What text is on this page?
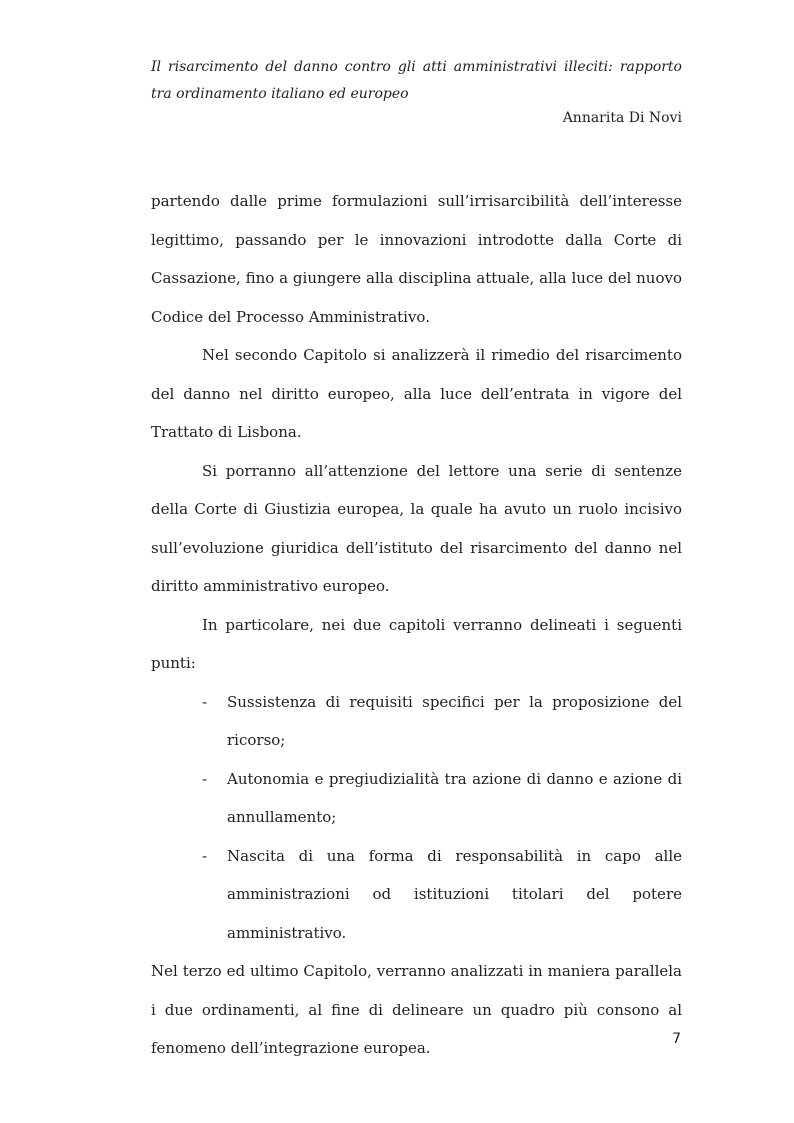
Il risarcimento del danno contro gli atti amministrativi illeciti: rapporto tra ordinamento italiano ed europeo

Annarita Di Novi

partendo dalle prime formulazioni sull’irrisarcibilità dell’interesse legittimo, passando per le innovazioni introdotte dalla Corte di Cassazione, fino a giungere alla disciplina attuale, alla luce del nuovo Codice del Processo Amministrativo.

Nel secondo Capitolo si analizzerà il rimedio del risarcimento del danno nel diritto europeo, alla luce dell’entrata in vigore del Trattato di Lisbona.

Si porranno all’attenzione del lettore una serie di sentenze della Corte di Giustizia europea, la quale ha avuto un ruolo incisivo sull’evoluzione giuridica dell’istituto del risarcimento del danno nel diritto amministrativo europeo.

In particolare, nei due capitoli verranno delineati i seguenti punti:

- Sussistenza di requisiti specifici per la proposizione del ricorso;
- Autonomia e pregiudizialità tra azione di danno e azione di annullamento;
- Nascita di una forma di responsabilità in capo alle amministrazioni od istituzioni titolari del potere amministrativo.

Nel terzo ed ultimo Capitolo, verranno analizzati in maniera parallela i due ordinamenti, al fine di delineare un quadro più consono al fenomeno dell’integrazione europea.	7
